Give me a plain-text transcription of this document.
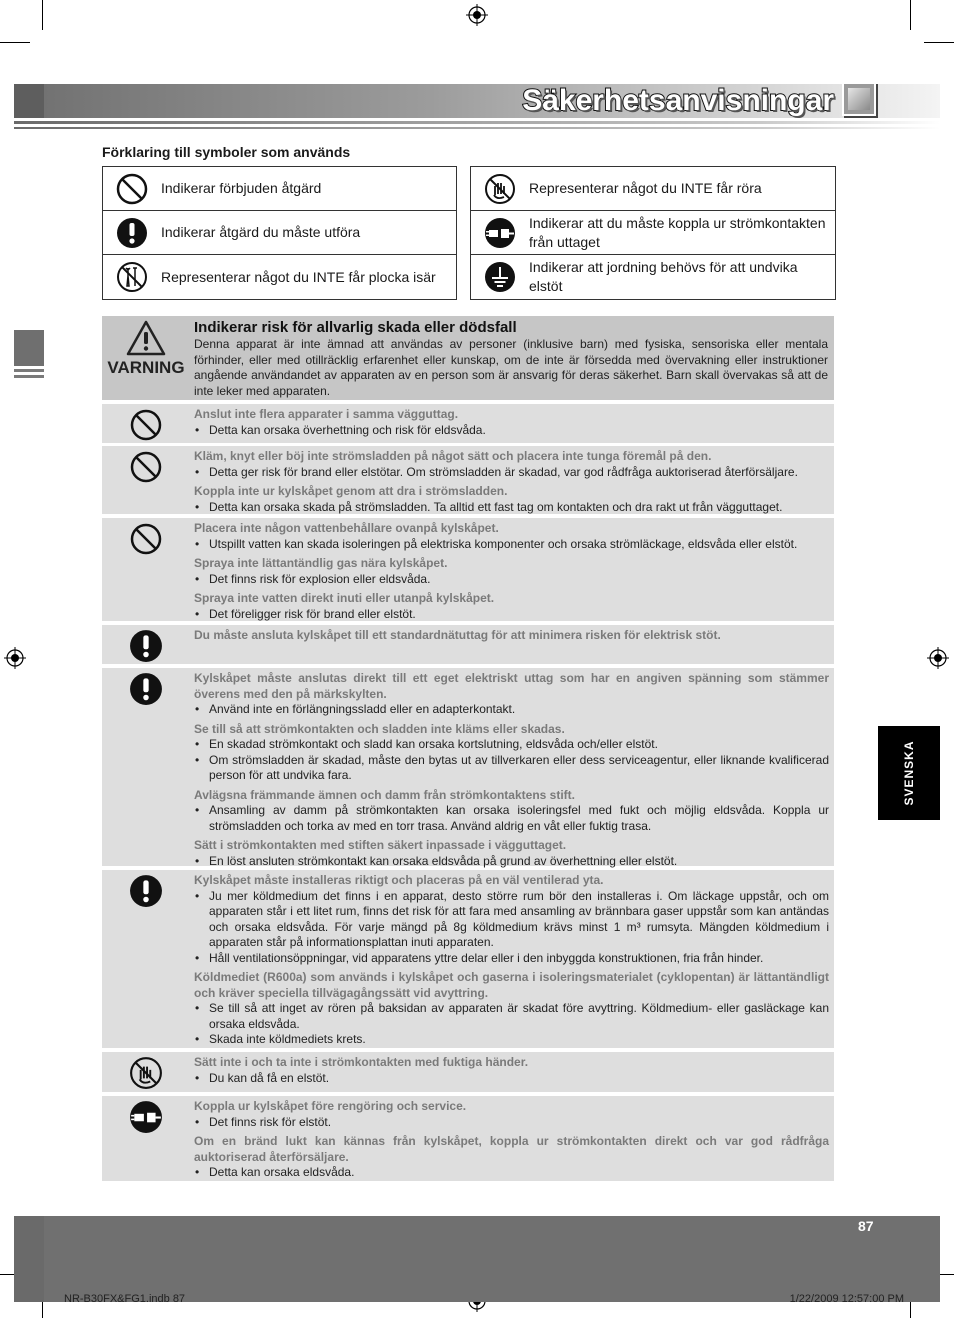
Säkerhetsanvisningar
Förklaring till symboler som används
Indikerar förbjuden åtgärd
Indikerar åtgärd du måste utföra
Representerar något du INTE får plocka isär
Representerar något du INTE får röra
Indikerar att du måste koppla ur strömkontakten från uttaget
Indikerar att jordning behövs för att undvika elstöt
VARNING
Indikerar risk för allvarlig skada eller dödsfall
Denna apparat är inte ämnad att användas av personer (inklusive barn) med fysiska, sensoriska eller mentala förhinder, eller med otillräcklig erfarenhet eller kunskap, om de inte är försedda med övervakning eller instruktioner angående användandet av apparaten av en person som är ansvarig för deras säkerhet. Barn skall övervakas så att de inte leker med apparaten.
Anslut inte flera apparater i samma vägguttag.
• Detta kan orsaka överhettning och risk för eldsvåda.
Kläm, knyt eller böj inte strömsladden på något sätt och placera inte tunga föremål på den.
• Detta ger risk för brand eller elstötar. Om strömsladden är skadad, var god rådfråga auktoriserad återförsäljare.
Koppla inte ur kylskåpet genom att dra i strömsladden.
• Detta kan orsaka skada på strömsladden. Ta alltid ett fast tag om kontakten och dra rakt ut från vägguttaget.
Placera inte någon vattenbehållare ovanpå kylskåpet.
• Utspillt vatten kan skada isoleringen på elektriska komponenter och orsaka strömläckage, eldsvåda eller elstöt.
Spraya inte lättantändlig gas nära kylskåpet.
• Det finns risk för explosion eller eldsvåda.
Spraya inte vatten direkt inuti eller utanpå kylskåpet.
• Det föreligger risk för brand eller elstöt.
Du måste ansluta kylskåpet till ett standardnätuttag för att minimera risken för elektrisk stöt.
Kylskåpet måste anslutas direkt till ett eget elektriskt uttag som har en angiven spänning som stämmer överens med den på märkskylten.
• Använd inte en förlängningssladd eller en adapterkontakt.
Se till så att strömkontakten och sladden inte kläms eller skadas.
• En skadad strömkontakt och sladd kan orsaka kortslutning, eldsvåda och/eller elstöt.
• Om strömsladden är skadad, måste den bytas ut av tillverkaren eller dess serviceagentur, eller liknande kvalificerad person för att undvika fara.
Avlägsna främmande ämnen och damm från strömkontaktens stift.
• Ansamling av damm på strömkontakten kan orsaka isoleringsfel med fukt och möjlig eldsvåda. Koppla ur strömsladden och torka av med en torr trasa. Använd aldrig en våt eller fuktig trasa.
Sätt i strömkontakten med stiften säkert inpassade i vägguttaget.
• En löst ansluten strömkontakt kan orsaka eldsvåda på grund av överhettning eller elstöt.
Kylskåpet måste installeras riktigt och placeras på en väl ventilerad yta.
• Ju mer köldmedium det finns i en apparat, desto större rum bör den installeras i. Om läckage uppstår, och om apparaten står i ett litet rum, finns det risk för att fara med ansamling av brännbara gaser uppstår som kan antändas och orsaka eldsvåda. För varje mängd på 8g köldmedium krävs minst 1 m³ rumsyta. Mängden köldmedium i apparaten står på informationsplattan inuti apparaten.
• Håll ventilationsöppningar, vid apparatens yttre delar eller i den inbyggda konstruktionen, fria från hinder.
Köldmediet (R600a) som används i kylskåpet och gaserna i isoleringsmaterialet (cyklopentan) är lättantändligt och kräver speciella tillvägagångssätt vid avyttring.
• Se till så att inget av rören på baksidan av apparaten är skadat före avyttring. Köldmedium- eller gasläckage kan orsaka eldsvåda.
• Skada inte köldmediets krets.
Sätt inte i och ta inte i strömkontakten med fuktiga händer.
• Du kan då få en elstöt.
Koppla ur kylskåpet före rengöring och service.
• Det finns risk för elstöt.
Om en bränd lukt kan kännas från kylskåpet, koppla ur strömkontakten direkt och var god rådfråga auktoriserad återförsäljare.
• Detta kan orsaka eldsvåda.
SVENSKA
87
NR-B30FX&FG1.indb 87	1/22/2009 12:57:00 PM
